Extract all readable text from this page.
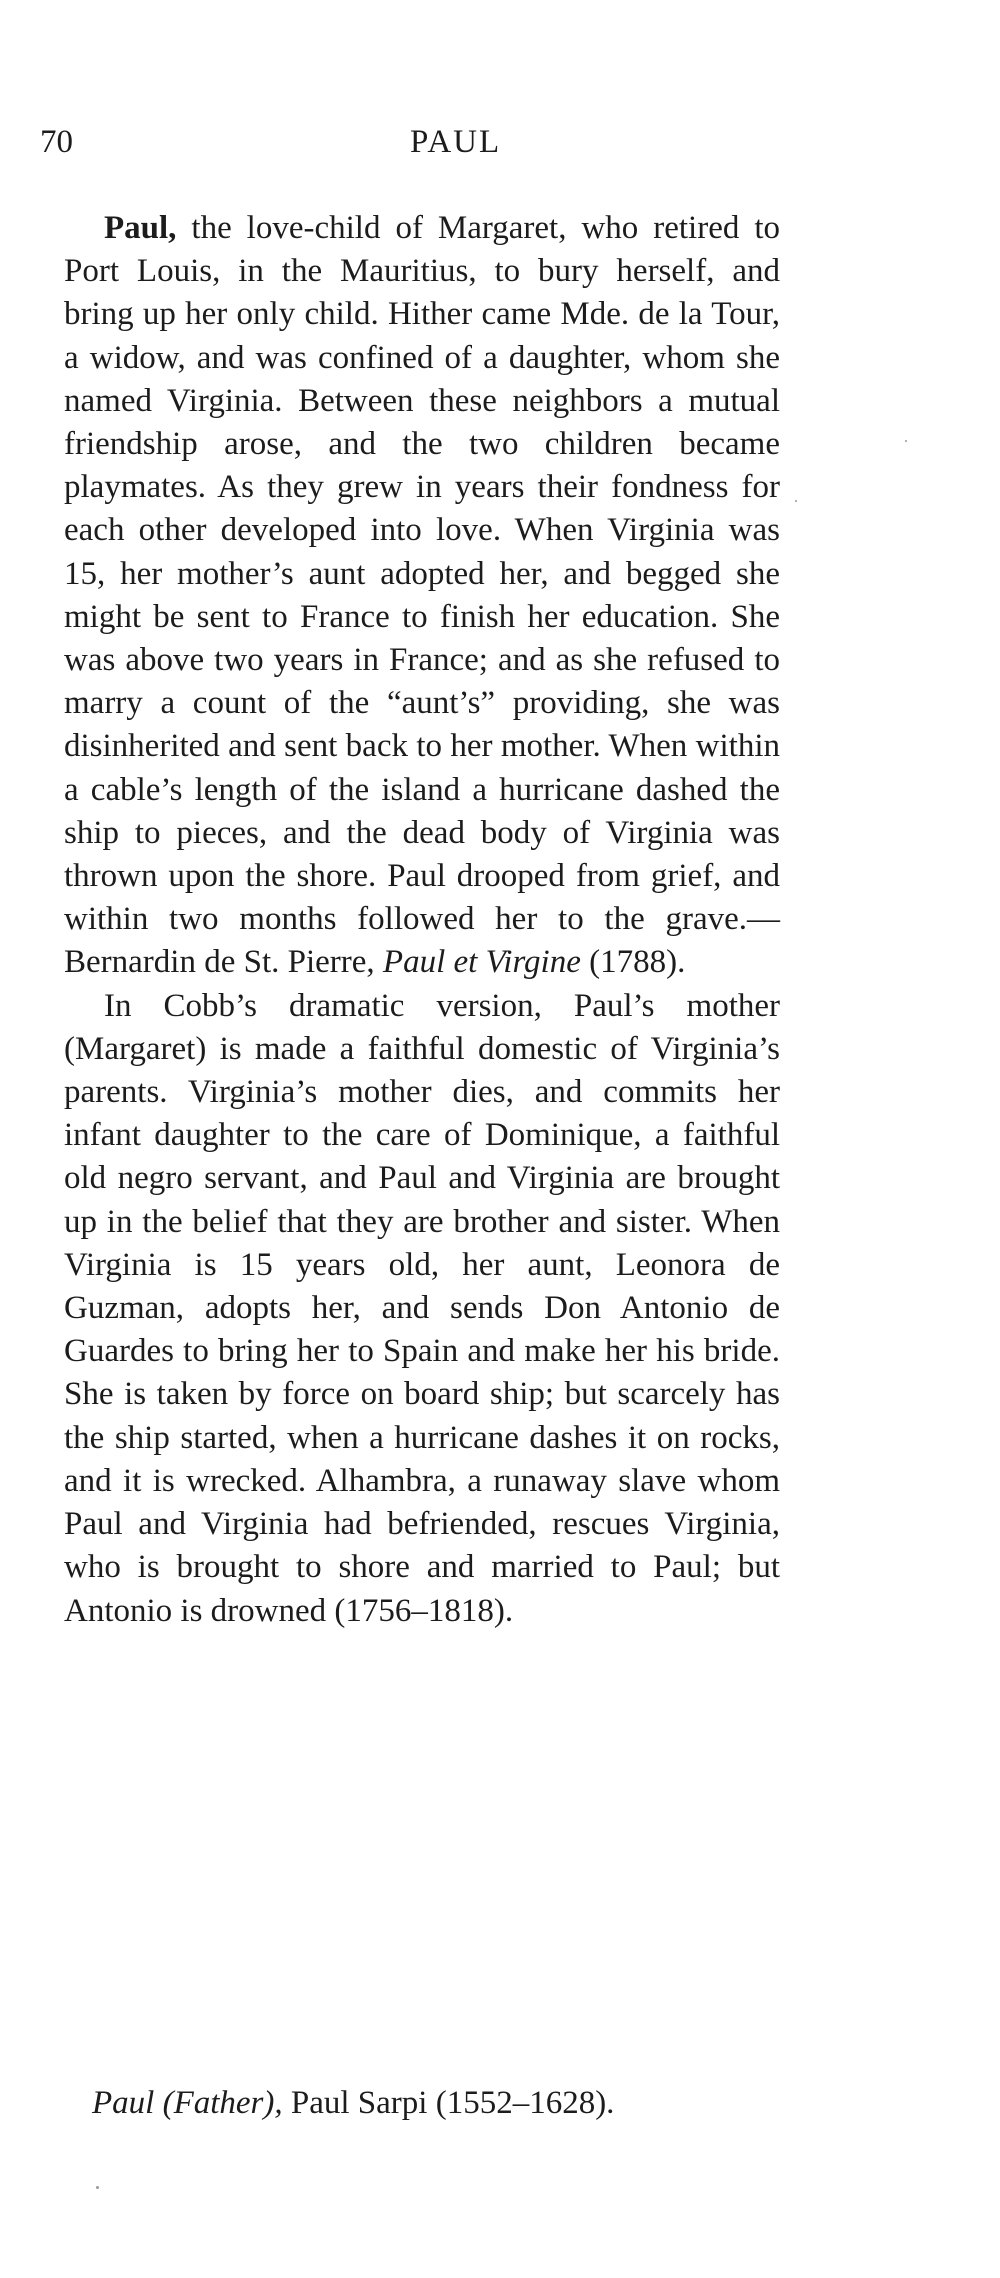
70	PAUL

Paul, the love-child of Margaret, who retired to Port Louis, in the Mauritius, to bury herself, and bring up her only child. Hither came Mde. de la Tour, a widow, and was confined of a daughter, whom she named Virginia. Between these neighbors a mutual friendship arose, and the two children became playmates. As they grew in years their fondness for each other developed into love. When Virginia was 15, her mother’s aunt adopted her, and begged she might be sent to France to finish her education. She was above two years in France; and as she refused to marry a count of the “aunt’s” providing, she was disinherited and sent back to her mother. When within a cable’s length of the island a hurricane dashed the ship to pieces, and the dead body of Virginia was thrown upon the shore. Paul drooped from grief, and within two months followed her to the grave.—Bernardin de St. Pierre, Paul et Virgine (1788).

In Cobb’s dramatic version, Paul’s mother (Margaret) is made a faithful domestic of Virginia’s parents. Virginia’s mother dies, and commits her infant daughter to the care of Dominique, a faithful old negro servant, and Paul and Virginia are brought up in the belief that they are brother and sister. When Virginia is 15 years old, her aunt, Leonora de Guzman, adopts her, and sends Don Antonio de Guardes to bring her to Spain and make her his bride. She is taken by force on board ship; but scarcely has the ship started, when a hurricane dashes it on rocks, and it is wrecked. Alhambra, a runaway slave whom Paul and Virginia had befriended, rescues Virginia, who is brought to shore and married to Paul; but Antonio is drowned (1756–1818).

Paul (Father), Paul Sarpi (1552–1628).
